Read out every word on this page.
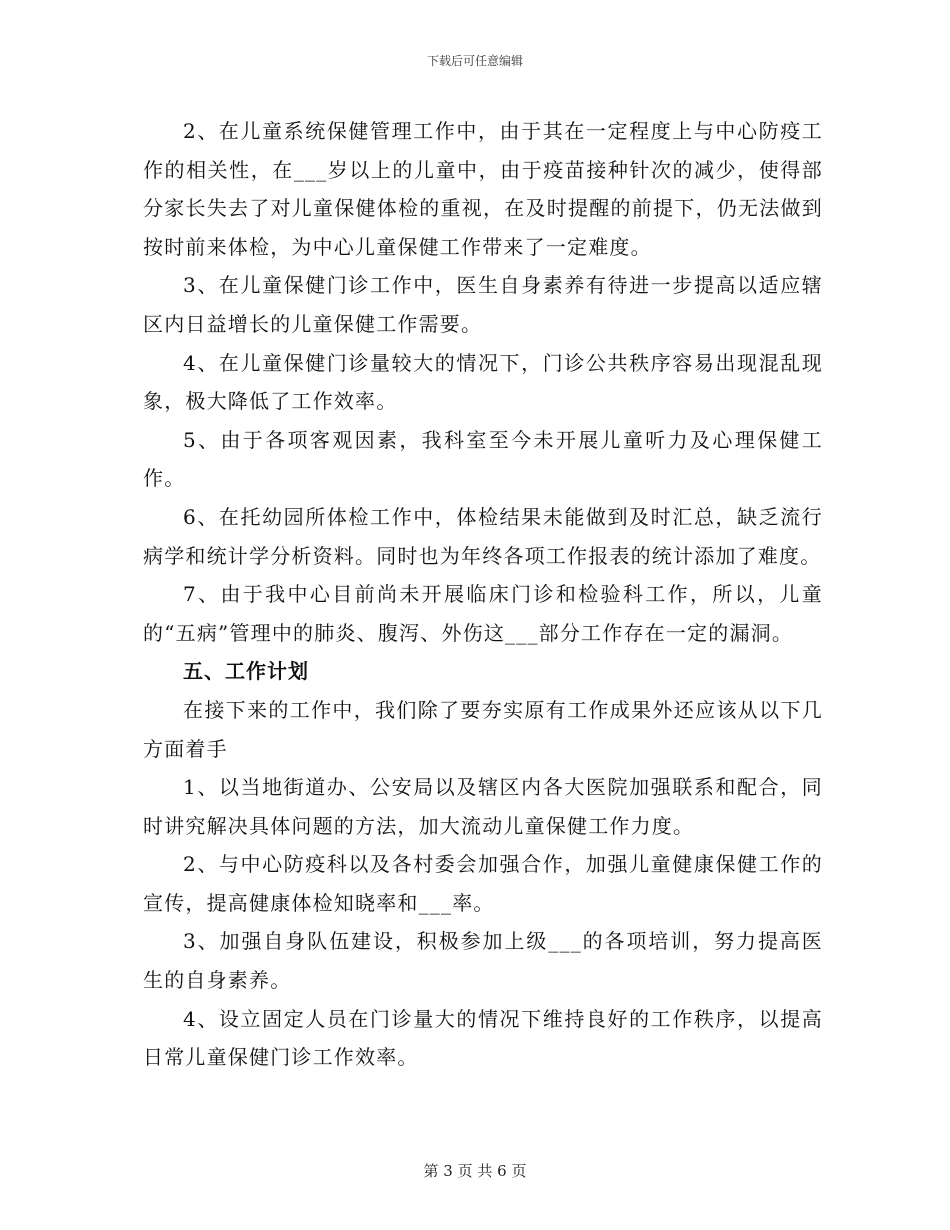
下载后可任意编辑

2、在儿童系统保健管理工作中，由于其在一定程度上与中心防疫工作的相关性，在___岁以上的儿童中，由于疫苗接种针次的减少，使得部分家长失去了对儿童保健体检的重视，在及时提醒的前提下，仍无法做到按时前来体检，为中心儿童保健工作带来了一定难度。

3、在儿童保健门诊工作中，医生自身素养有待进一步提高以适应辖区内日益增长的儿童保健工作需要。

4、在儿童保健门诊量较大的情况下，门诊公共秩序容易出现混乱现象，极大降低了工作效率。

5、由于各项客观因素，我科室至今未开展儿童听力及心理保健工作。

6、在托幼园所体检工作中，体检结果未能做到及时汇总，缺乏流行病学和统计学分析资料。同时也为年终各项工作报表的统计添加了难度。

7、由于我中心目前尚未开展临床门诊和检验科工作，所以，儿童的“五病”管理中的肺炎、腹泻、外伤这___部分工作存在一定的漏洞。

五、工作计划

在接下来的工作中，我们除了要夯实原有工作成果外还应该从以下几方面着手

1、以当地街道办、公安局以及辖区内各大医院加强联系和配合，同时讲究解决具体问题的方法，加大流动儿童保健工作力度。

2、与中心防疫科以及各村委会加强合作，加强儿童健康保健工作的宣传，提高健康体检知晓率和___率。

3、加强自身队伍建设，积极参加上级___的各项培训，努力提高医生的自身素养。

4、设立固定人员在门诊量大的情况下维持良好的工作秩序，以提高日常儿童保健门诊工作效率。

第 3 页 共 6 页
